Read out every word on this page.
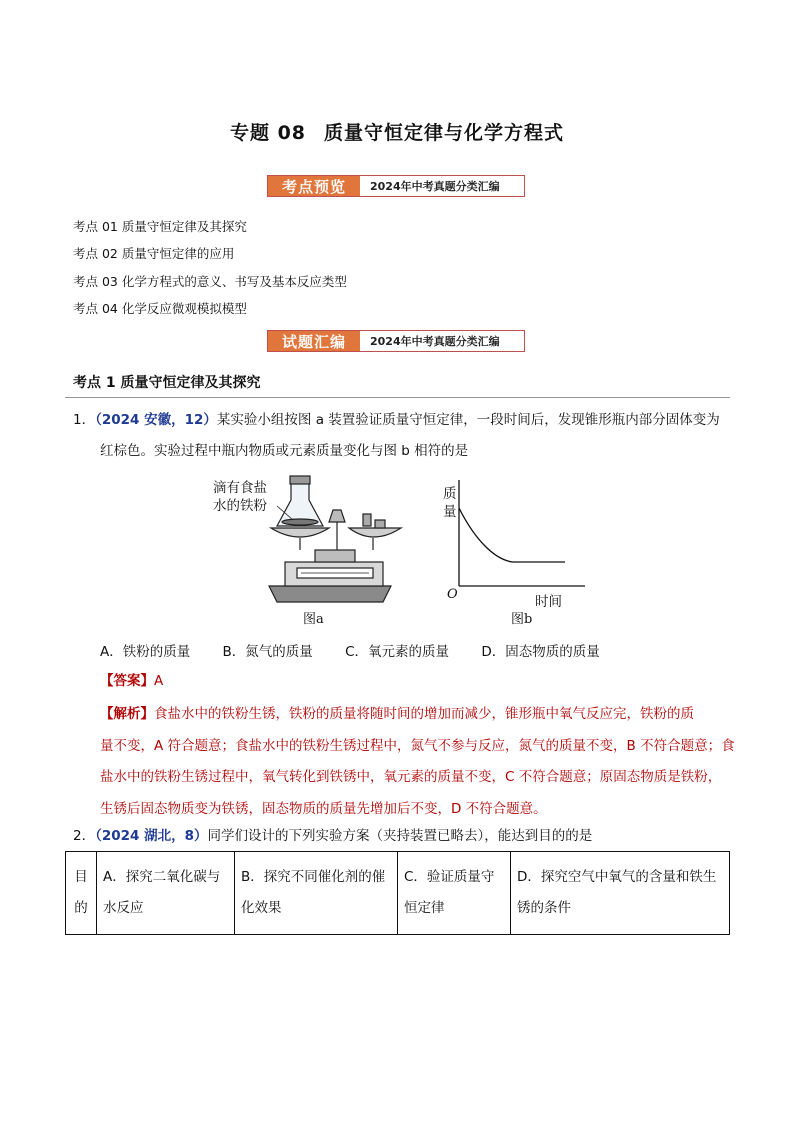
专题 08 质量守恒定律与化学方程式
考点预览	2024年中考真题分类汇编
考点 01 质量守恒定律及其探究
考点 02 质量守恒定律的应用
考点 03 化学方程式的意义、书写及基本反应类型
考点 04 化学反应微观模拟模型
试题汇编	2024年中考真题分类汇编
考点 1 质量守恒定律及其探究
1．（2024 安徽，12）某实验小组按图 a 装置验证质量守恒定律，一段时间后，发现锥形瓶内部分固体变为
红棕色。实验过程中瓶内物质或元素质量变化与图 b 相符的是
滴有食盐
水的铁粉
图a
质
量
O	时间
图b
A．铁粉的质量 B．氮气的质量 C．氧元素的质量 D．固态物质的质量
【答案】A
【解析】食盐水中的铁粉生锈，铁粉的质量将随时间的增加而减少，锥形瓶中氧气反应完，铁粉的质
量不变，A 符合题意；食盐水中的铁粉生锈过程中，氮气不参与反应，氮气的质量不变，B 不符合题意；食
盐水中的铁粉生锈过程中，氧气转化到铁锈中，氧元素的质量不变，C 不符合题意；原固态物质是铁粉，
生锈后固态物质变为铁锈，固态物质的质量先增加后不变，D 不符合题意。
2．（2024 湖北，8）同学们设计的下列实验方案（夹持装置已略去），能达到目的的是
目的	A．探究二氧化碳与水反应	B．探究不同催化剂的催化效果	C．验证质量守恒定律	D．探究空气中氧气的含量和铁生锈的条件
